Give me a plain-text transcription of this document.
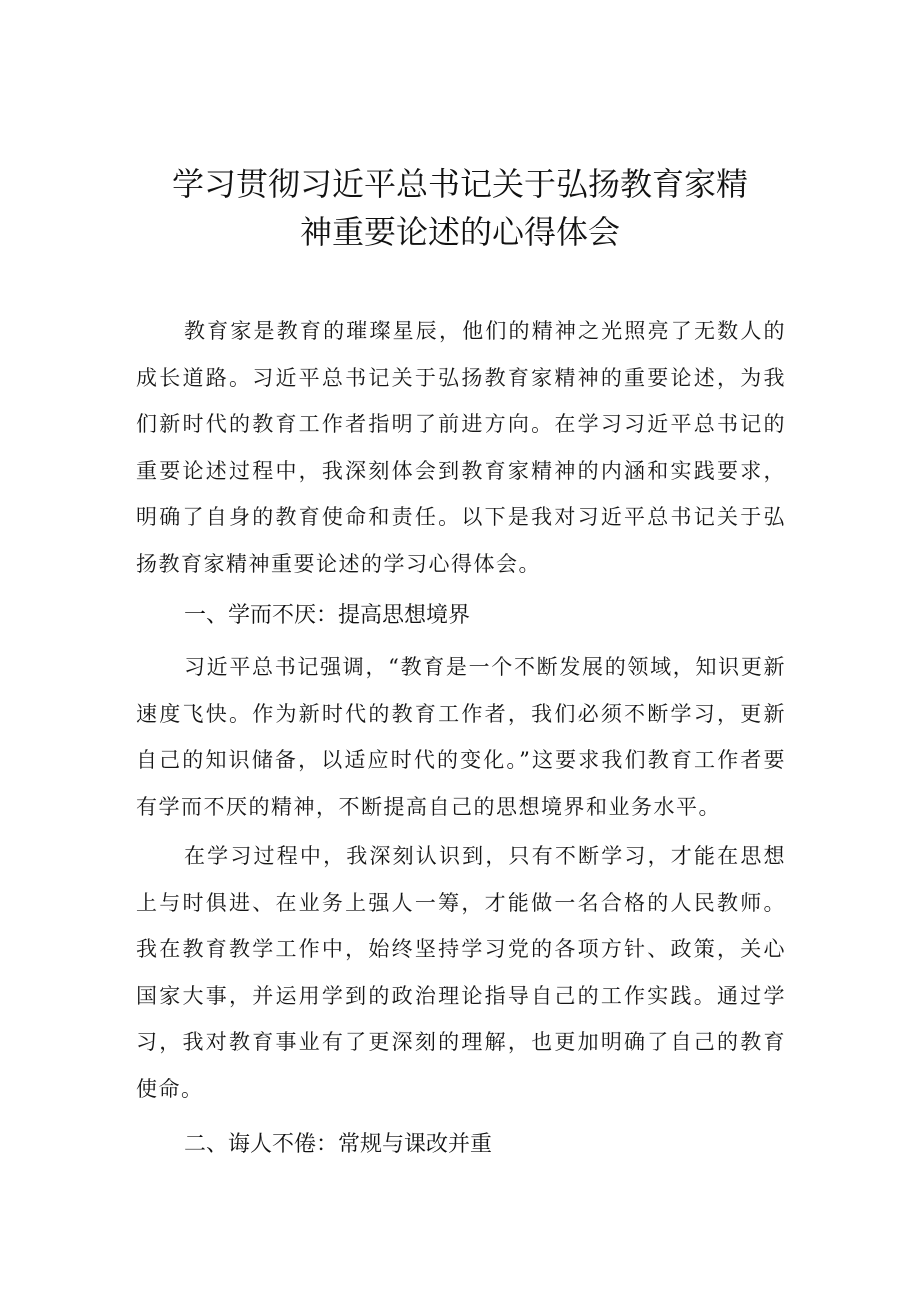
学习贯彻习近平总书记关于弘扬教育家精
神重要论述的心得体会

教育家是教育的璀璨星辰，他们的精神之光照亮了无数人的成长道路。习近平总书记关于弘扬教育家精神的重要论述，为我们新时代的教育工作者指明了前进方向。在学习习近平总书记的重要论述过程中，我深刻体会到教育家精神的内涵和实践要求，明确了自身的教育使命和责任。以下是我对习近平总书记关于弘扬教育家精神重要论述的学习心得体会。

一、学而不厌：提高思想境界

习近平总书记强调，“教育是一个不断发展的领域，知识更新速度飞快。作为新时代的教育工作者，我们必须不断学习，更新自己的知识储备，以适应时代的变化。”这要求我们教育工作者要有学而不厌的精神，不断提高自己的思想境界和业务水平。

在学习过程中，我深刻认识到，只有不断学习，才能在思想上与时俱进、在业务上强人一筹，才能做一名合格的人民教师。我在教育教学工作中，始终坚持学习党的各项方针、政策，关心国家大事，并运用学到的政治理论指导自己的工作实践。通过学习，我对教育事业有了更深刻的理解，也更加明确了自己的教育使命。

二、诲人不倦：常规与课改并重
